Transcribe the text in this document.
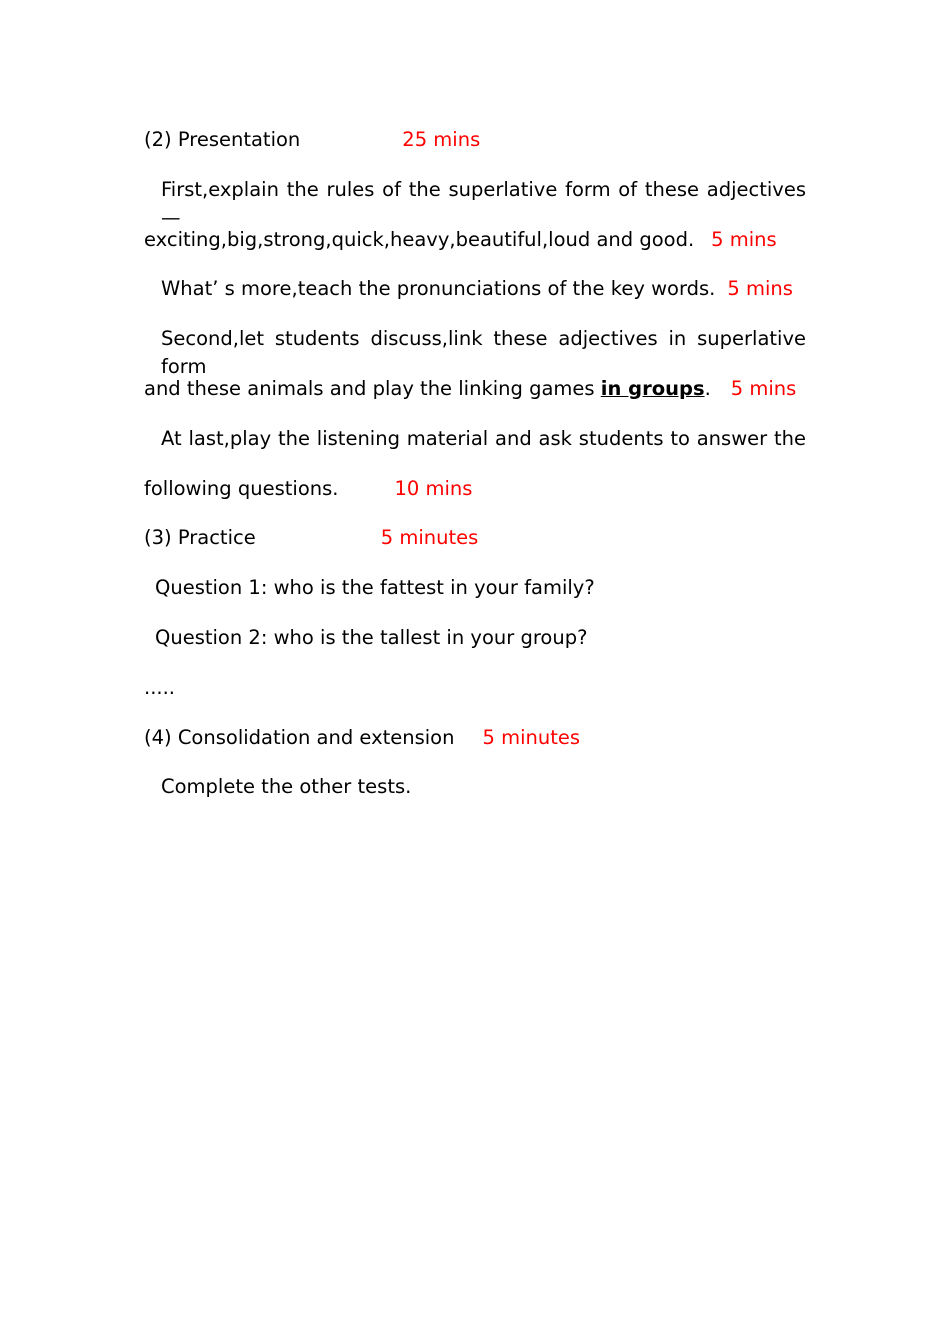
(2) Presentation	25 mins
First,explain the rules of the superlative form of these adjectives—
exciting,big,strong,quick,heavy,beautiful,loud and good. 5 mins
What’ s more,teach the pronunciations of the key words. 5 mins
Second,let students discuss,link these adjectives in superlative form
and these animals and play the linking games in groups. 5 mins
At last,play the listening material and ask students to answer the
following questions.	10 mins
(3) Practice	5 minutes
Question 1: who is the fattest in your family?
Question 2: who is the tallest in your group?
.....
(4) Consolidation and extension 5 minutes
Complete the other tests.
